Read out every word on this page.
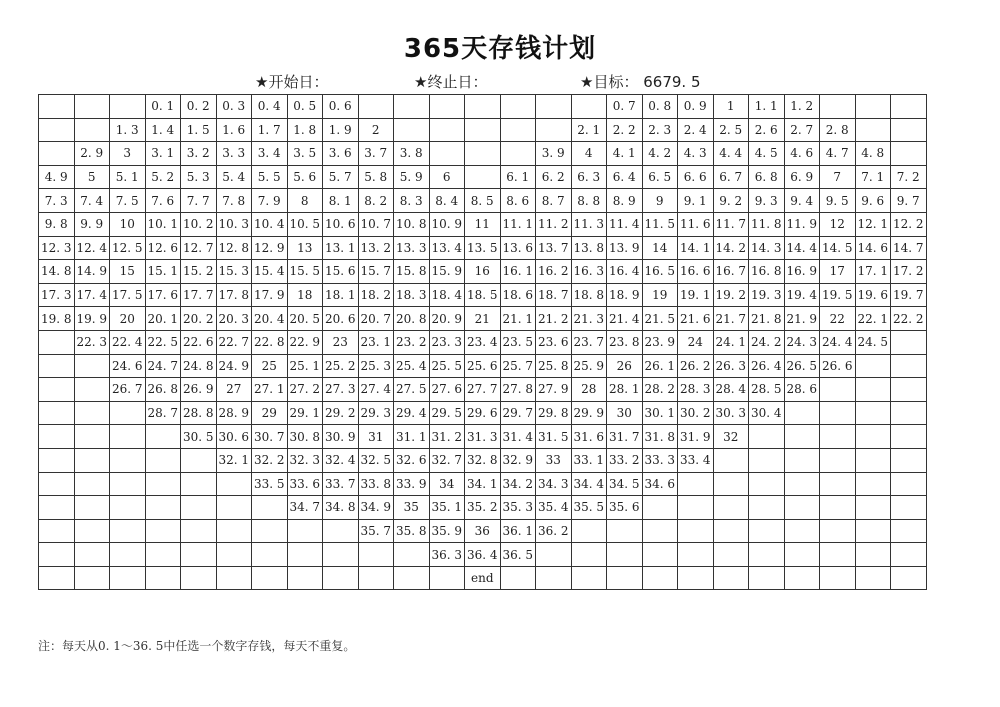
365天存钱计划
★开始日：	★终止日：	★目标： 6679. 5
			0. 1	0. 2	0. 3	0. 4	0. 5	0. 6								0. 7	0. 8	0. 9	1	1. 1	1. 2			
		1. 3	1. 4	1. 5	1. 6	1. 7	1. 8	1. 9	2						2. 1	2. 2	2. 3	2. 4	2. 5	2. 6	2. 7	2. 8		
	2. 9	3	3. 1	3. 2	3. 3	3. 4	3. 5	3. 6	3. 7	3. 8				3. 9	4	4. 1	4. 2	4. 3	4. 4	4. 5	4. 6	4. 7	4. 8	
4. 9	5	5. 1	5. 2	5. 3	5. 4	5. 5	5. 6	5. 7	5. 8	5. 9	6		6. 1	6. 2	6. 3	6. 4	6. 5	6. 6	6. 7	6. 8	6. 9	7	7. 1	7. 2
7. 3	7. 4	7. 5	7. 6	7. 7	7. 8	7. 9	8	8. 1	8. 2	8. 3	8. 4	8. 5	8. 6	8. 7	8. 8	8. 9	9	9. 1	9. 2	9. 3	9. 4	9. 5	9. 6	9. 7
9. 8	9. 9	10	10. 1	10. 2	10. 3	10. 4	10. 5	10. 6	10. 7	10. 8	10. 9	11	11. 1	11. 2	11. 3	11. 4	11. 5	11. 6	11. 7	11. 8	11. 9	12	12. 1	12. 2
12. 3	12. 4	12. 5	12. 6	12. 7	12. 8	12. 9	13	13. 1	13. 2	13. 3	13. 4	13. 5	13. 6	13. 7	13. 8	13. 9	14	14. 1	14. 2	14. 3	14. 4	14. 5	14. 6	14. 7
14. 8	14. 9	15	15. 1	15. 2	15. 3	15. 4	15. 5	15. 6	15. 7	15. 8	15. 9	16	16. 1	16. 2	16. 3	16. 4	16. 5	16. 6	16. 7	16. 8	16. 9	17	17. 1	17. 2
17. 3	17. 4	17. 5	17. 6	17. 7	17. 8	17. 9	18	18. 1	18. 2	18. 3	18. 4	18. 5	18. 6	18. 7	18. 8	18. 9	19	19. 1	19. 2	19. 3	19. 4	19. 5	19. 6	19. 7
19. 8	19. 9	20	20. 1	20. 2	20. 3	20. 4	20. 5	20. 6	20. 7	20. 8	20. 9	21	21. 1	21. 2	21. 3	21. 4	21. 5	21. 6	21. 7	21. 8	21. 9	22	22. 1	22. 2
	22. 3	22. 4	22. 5	22. 6	22. 7	22. 8	22. 9	23	23. 1	23. 2	23. 3	23. 4	23. 5	23. 6	23. 7	23. 8	23. 9	24	24. 1	24. 2	24. 3	24. 4	24. 5	
		24. 6	24. 7	24. 8	24. 9	25	25. 1	25. 2	25. 3	25. 4	25. 5	25. 6	25. 7	25. 8	25. 9	26	26. 1	26. 2	26. 3	26. 4	26. 5	26. 6		
		26. 7	26. 8	26. 9	27	27. 1	27. 2	27. 3	27. 4	27. 5	27. 6	27. 7	27. 8	27. 9	28	28. 1	28. 2	28. 3	28. 4	28. 5	28. 6			
			28. 7	28. 8	28. 9	29	29. 1	29. 2	29. 3	29. 4	29. 5	29. 6	29. 7	29. 8	29. 9	30	30. 1	30. 2	30. 3	30. 4				
				30. 5	30. 6	30. 7	30. 8	30. 9	31	31. 1	31. 2	31. 3	31. 4	31. 5	31. 6	31. 7	31. 8	31. 9	32					
					32. 1	32. 2	32. 3	32. 4	32. 5	32. 6	32. 7	32. 8	32. 9	33	33. 1	33. 2	33. 3	33. 4						
						33. 5	33. 6	33. 7	33. 8	33. 9	34	34. 1	34. 2	34. 3	34. 4	34. 5	34. 6							
							34. 7	34. 8	34. 9	35	35. 1	35. 2	35. 3	35. 4	35. 5	35. 6								
									35. 7	35. 8	35. 9	36	36. 1	36. 2										
											36. 3	36. 4	36. 5											
												end												
注：每天从0. 1～36. 5中任选一个数字存钱，每天不重复。
